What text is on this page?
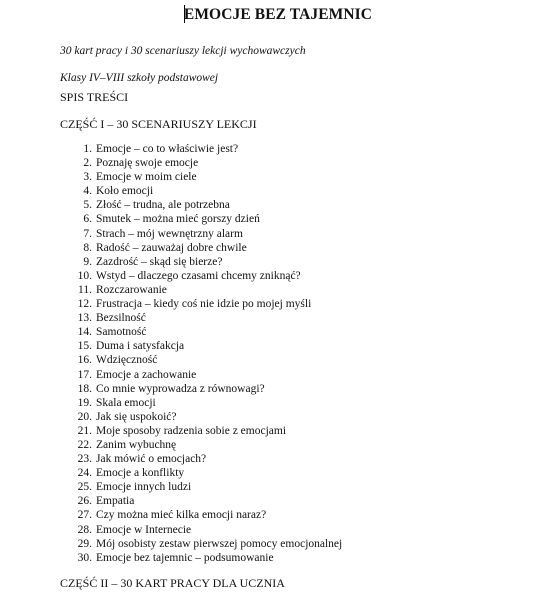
EMOCJE BEZ TAJEMNIC
30 kart pracy i 30 scenariuszy lekcji wychowawczych
Klasy IV–VIII szkoły podstawowej
SPIS TREŚCI
CZĘŚĆ I – 30 SCENARIUSZY LEKCJI
1. Emocje – co to właściwie jest?
2. Poznaję swoje emocje
3. Emocje w moim ciele
4. Koło emocji
5. Złość – trudna, ale potrzebna
6. Smutek – można mieć gorszy dzień
7. Strach – mój wewnętrzny alarm
8. Radość – zauważaj dobre chwile
9. Zazdrość – skąd się bierze?
10. Wstyd – dlaczego czasami chcemy zniknąć?
11. Rozczarowanie
12. Frustracja – kiedy coś nie idzie po mojej myśli
13. Bezsilność
14. Samotność
15. Duma i satysfakcja
16. Wdzięczność
17. Emocje a zachowanie
18. Co mnie wyprowadza z równowagi?
19. Skala emocji
20. Jak się uspokoić?
21. Moje sposoby radzenia sobie z emocjami
22. Zanim wybuchnę
23. Jak mówić o emocjach?
24. Emocje a konflikty
25. Emocje innych ludzi
26. Empatia
27. Czy można mieć kilka emocji naraz?
28. Emocje w Internecie
29. Mój osobisty zestaw pierwszej pomocy emocjonalnej
30. Emocje bez tajemnic – podsumowanie
CZĘŚĆ II – 30 KART PRACY DLA UCZNIA
